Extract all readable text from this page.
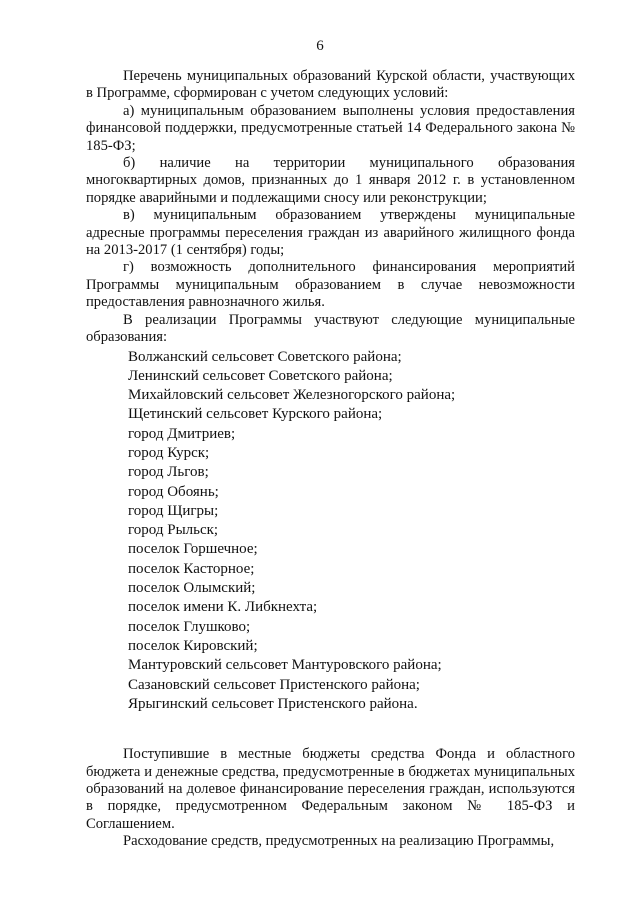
6

Перечень муниципальных образований Курской области, участвующих в Программе, сформирован с учетом следующих условий:

а) муниципальным образованием выполнены условия предоставления финансовой поддержки, предусмотренные статьей 14 Федерального закона № 185-ФЗ;

б) наличие на территории муниципального образования многоквартирных домов, признанных до 1 января 2012 г. в установленном порядке аварийными и подлежащими сносу или реконструкции;

в) муниципальным образованием утверждены муниципальные адресные программы переселения граждан из аварийного жилищного фонда на 2013-2017 (1 сентября) годы;

г) возможность дополнительного финансирования мероприятий Программы муниципальным образованием в случае невозможности предоставления равнозначного жилья.

В реализации Программы участвуют следующие муниципальные образования:

Волжанский сельсовет Советского района;
Ленинский сельсовет Советского района;
Михайловский сельсовет Железногорского района;
Щетинский сельсовет Курского района;
город Дмитриев;
город Курск;
город Льгов;
город Обоянь;
город Щигры;
город Рыльск;
поселок Горшечное;
поселок Касторное;
поселок Олымский;
поселок имени К. Либкнехта;
поселок Глушково;
поселок Кировский;
Мантуровский сельсовет Мантуровского района;
Сазановский сельсовет Пристенского района;
Ярыгинский сельсовет Пристенского района.

Поступившие в местные бюджеты средства Фонда и областного бюджета и денежные средства, предусмотренные в бюджетах муниципальных образований на долевое финансирование переселения граждан, используются в порядке, предусмотренном Федеральным законом № 185-ФЗ и Соглашением.

Расходование средств, предусмотренных на реализацию Программы,
